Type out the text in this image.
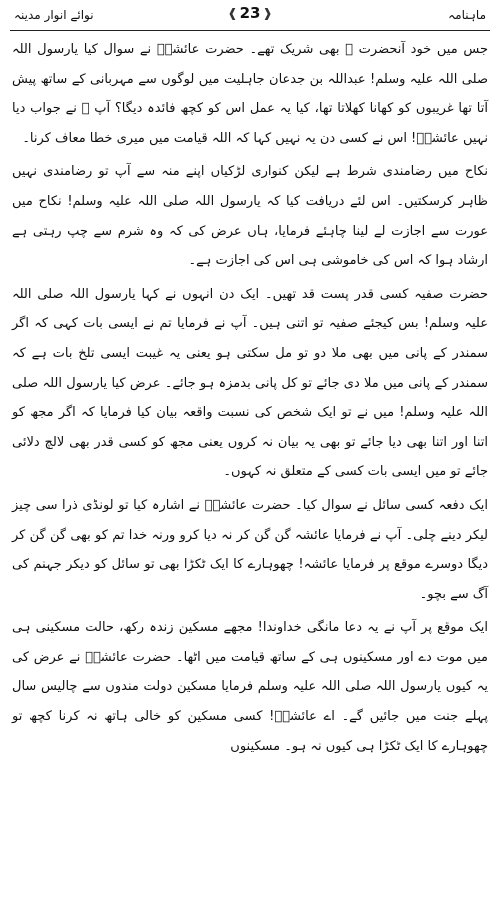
ماہنامہ
نوائے انوار مدینہ	❰
23
❱

جس میں خود آنحضرت ﷺ بھی شریک تھے۔ حضرت عائشہؓ نے سوال کیا یارسول اللہ صلی اللہ علیہ وسلم! عبداللہ بن جدعان جاہلیت میں لوگوں سے مہربانی کے ساتھ پیش آتا تھا غریبوں کو کھانا کھلاتا تھا، کیا یہ عمل اس کو کچھ فائدہ دیگا؟ آپ ﷺ نے جواب دیا نہیں عائشہؓ! اس نے کسی دن یہ نہیں کہا کہ اللہ قیامت میں میری خطا معاف کرنا۔

نکاح میں رضامندی شرط ہے لیکن کنواری لڑکیاں اپنے منہ سے آپ تو رضامندی نہیں ظاہر کرسکتیں۔ اس لئے دریافت کیا کہ یارسول اللہ صلی اللہ علیہ وسلم! نکاح میں عورت سے اجازت لے لینا چاہئے فرمایا، ہاں عرض کی کہ وہ شرم سے چپ رہتی ہے ارشاد ہوا کہ اس کی خاموشی ہی اس کی اجازت ہے۔

حضرت صفیہ کسی قدر پست قد تھیں۔ ایک دن انہوں نے کہا یارسول اللہ صلی اللہ علیہ وسلم! بس کیجئے صفیہ تو اتنی ہیں۔ آپ نے فرمایا تم نے ایسی بات کہی کہ اگر سمندر کے پانی میں بھی ملا دو تو مل سکتی ہو یعنی یہ غیبت ایسی تلخ بات ہے کہ سمندر کے پانی میں ملا دی جائے تو کل پانی بدمزہ ہو جائے۔ عرض کیا یارسول اللہ صلی اللہ علیہ وسلم! میں نے تو ایک شخص کی نسبت واقعہ بیان کیا فرمایا کہ اگر مجھ کو اتنا اور اتنا بھی دیا جائے تو بھی یہ بیان نہ کروں یعنی مجھ کو کسی قدر بھی لالچ دلائی جائے تو میں ایسی بات کسی کے متعلق نہ کہوں۔

ایک دفعہ کسی سائل نے سوال کیا۔ حضرت عائشہؓ نے اشارہ کیا تو لونڈی ذرا سی چیز لیکر دینے چلی۔ آپ نے فرمایا عائشہ گن گن کر نہ دیا کرو ورنہ خدا تم کو بھی گن گن کر دیگا دوسرے موقع پر فرمایا عائشہ! چھوہارے کا ایک ٹکڑا بھی تو سائل کو دیکر جہنم کی آگ سے بچو۔

ایک موقع پر آپ نے یہ دعا مانگی خداوندا! مجھے مسکین زندہ رکھ، حالت مسکینی ہی میں موت دے اور مسکینوں ہی کے ساتھ قیامت میں اٹھا۔ حضرت عائشہؓ نے عرض کی یہ کیوں یارسول اللہ صلی اللہ علیہ وسلم فرمایا مسکین دولت مندوں سے چالیس سال پہلے جنت میں جائیں گے۔ اے عائشہؓ! کسی مسکین کو خالی ہاتھ نہ کرنا کچھ تو چھوہارے کا ایک ٹکڑا ہی کیوں نہ ہو۔ مسکینوں
